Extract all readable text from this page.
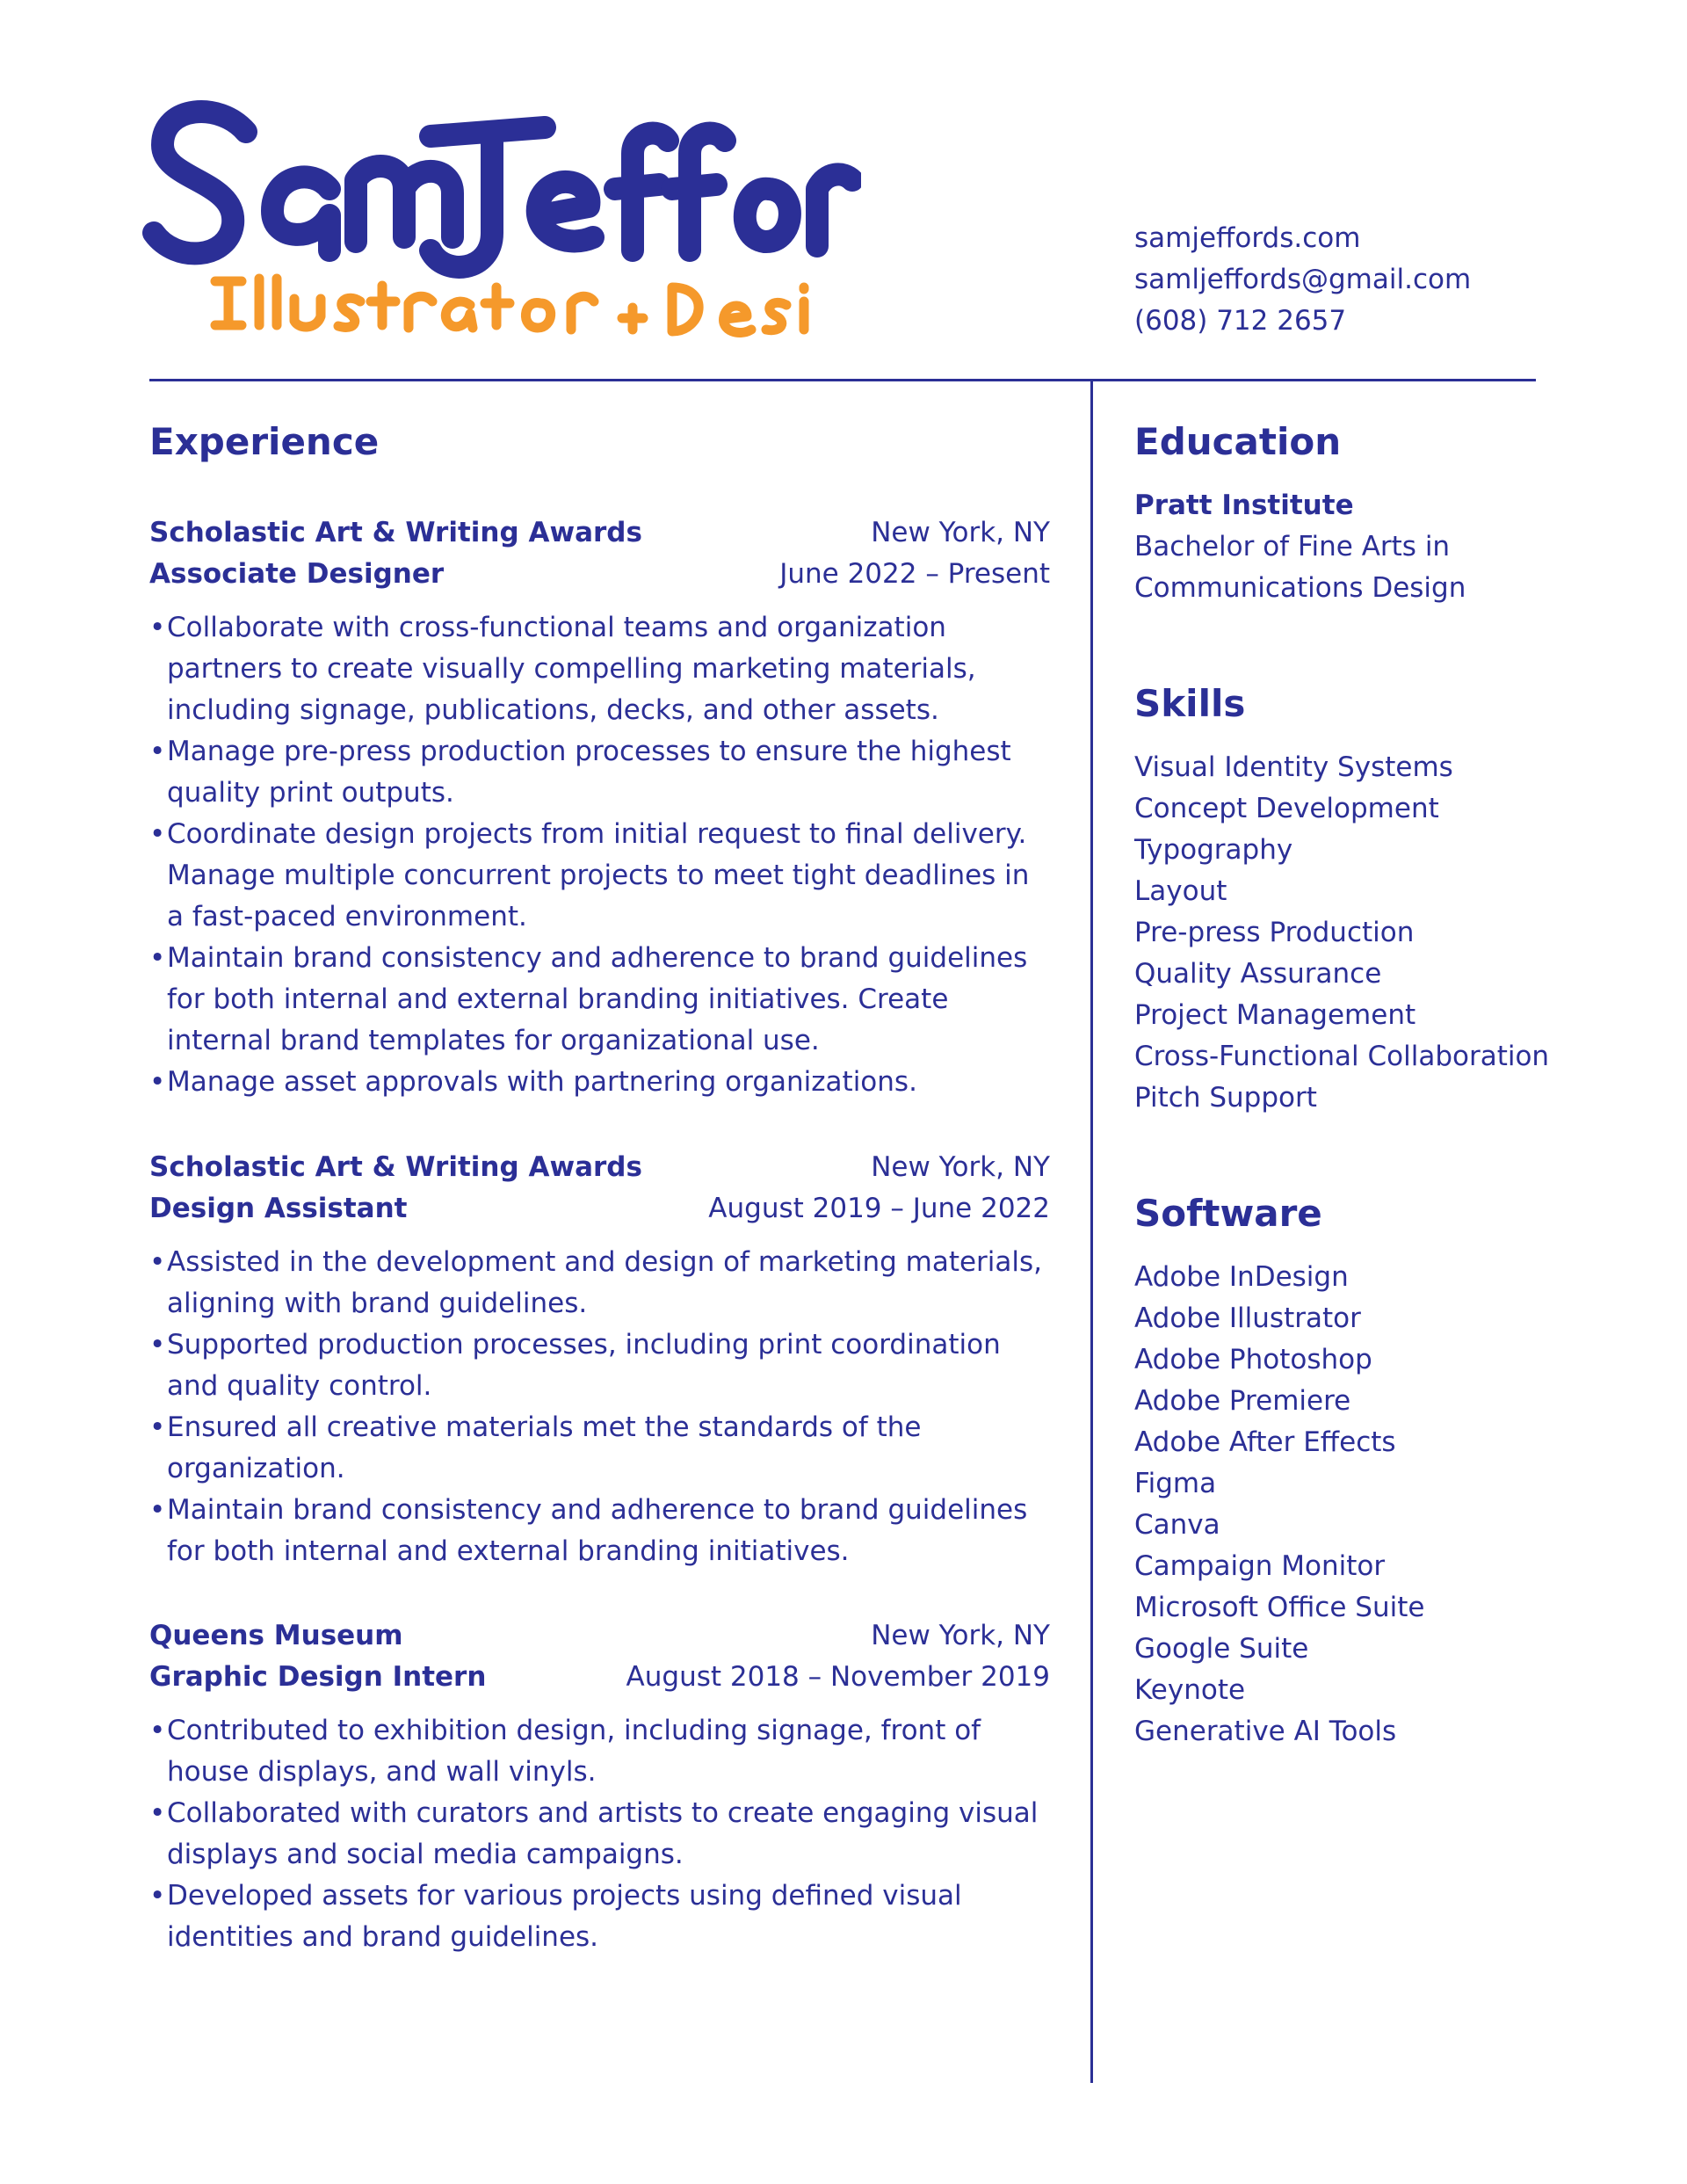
samjeffords.com
samljeffords@gmail.com
(608) 712 2657
Experience
Scholastic Art & Writing Awards	New York, NY
Associate Designer	June 2022 – Present
• Collaborate with cross-functional teams and organization partners to create visually compelling marketing materials, including signage, publications, decks, and other assets.
• Manage pre-press production processes to ensure the highest quality print outputs.
• Coordinate design projects from initial request to final delivery. Manage multiple concurrent projects to meet tight deadlines in a fast-paced environment.
• Maintain brand consistency and adherence to brand guidelines for both internal and external branding initiatives. Create internal brand templates for organizational use.
• Manage asset approvals with partnering organizations.
Scholastic Art & Writing Awards	New York, NY
Design Assistant	August 2019 – June 2022
• Assisted in the development and design of marketing materials, aligning with brand guidelines.
• Supported production processes, including print coordination and quality control.
• Ensured all creative materials met the standards of the organization.
• Maintain brand consistency and adherence to brand guidelines for both internal and external branding initiatives.
Queens Museum	New York, NY
Graphic Design Intern	August 2018 – November 2019
• Contributed to exhibition design, including signage, front of house displays, and wall vinyls.
• Collaborated with curators and artists to create engaging visual displays and social media campaigns.
• Developed assets for various projects using defined visual identities and brand guidelines.
Education
Pratt Institute
Bachelor of Fine Arts in
Communications Design
Skills
Visual Identity Systems
Concept Development
Typography
Layout
Pre-press Production
Quality Assurance
Project Management
Cross-Functional Collaboration
Pitch Support
Software
Adobe InDesign
Adobe Illustrator
Adobe Photoshop
Adobe Premiere
Adobe After Effects
Figma
Canva
Campaign Monitor
Microsoft Office Suite
Google Suite
Keynote
Generative AI Tools
